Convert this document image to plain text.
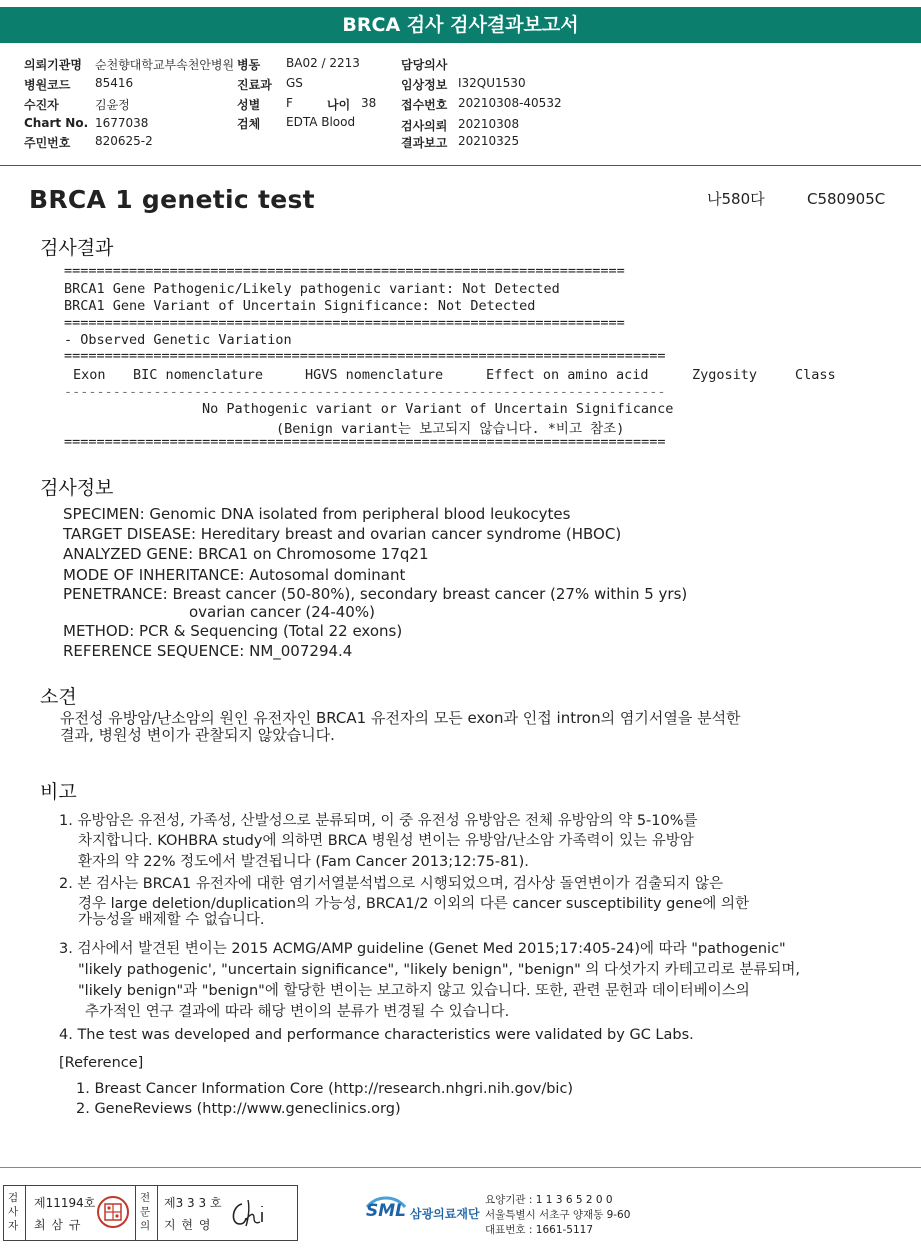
BRCA 검사 검사결과보고서
의뢰기관명 순천향대학교부속천안병원
병원코드 85416
수진자	김윤정
Chart No. 1677038
주민번호 820625-2
병동 BA02 / 2213
진료과 GS
성별 F	나이 38
검체 EDTA Blood
담당의사
임상정보 I32QU1530
접수번호 20210308-40532
검사의뢰 20210308
결과보고 20210325
BRCA 1 genetic test	나580다	C580905C
검사결과
=====================================================================
BRCA1 Gene Pathogenic/Likely pathogenic variant: Not Detected
BRCA1 Gene Variant of Uncertain Significance: Not Detected
=====================================================================
- Observed Genetic Variation
==========================================================================
Exon BIC nomenclature	HGVS nomenclature	Effect on amino acid	Zygosity	Class
--------------------------------------------------------------------------
No Pathogenic variant or Variant of Uncertain Significance
(Benign variant는 보고되지 않습니다. *비고 참조)
==========================================================================
검사정보
SPECIMEN: Genomic DNA isolated from peripheral blood leukocytes
TARGET DISEASE: Hereditary breast and ovarian cancer syndrome (HBOC)
ANALYZED GENE: BRCA1 on Chromosome 17q21
MODE OF INHERITANCE: Autosomal dominant
PENETRANCE: Breast cancer (50-80%), secondary breast cancer (27% within 5 yrs)
ovarian cancer (24-40%)
METHOD: PCR & Sequencing (Total 22 exons)
REFERENCE SEQUENCE: NM_007294.4
소견
유전성 유방암/난소암의 원인 유전자인 BRCA1 유전자의 모든 exon과 인접 intron의 염기서열을 분석한
결과, 병원성 변이가 관찰되지 않았습니다.
비고
1. 유방암은 유전성, 가족성, 산발성으로 분류되며, 이 중 유전성 유방암은 전체 유방암의 약 5-10%를
차지합니다. KOHBRA study에 의하면 BRCA 병원성 변이는 유방암/난소암 가족력이 있는 유방암
환자의 약 22% 정도에서 발견됩니다 (Fam Cancer 2013;12:75-81).
2. 본 검사는 BRCA1 유전자에 대한 염기서열분석법으로 시행되었으며, 검사상 돌연변이가 검출되지 않은
경우 large deletion/duplication의 가능성, BRCA1/2 이외의 다른 cancer susceptibility gene에 의한
가능성을 배제할 수 없습니다.
3. 검사에서 발견된 변이는 2015 ACMG/AMP guideline (Genet Med 2015;17:405-24)에 따라 "pathogenic"
"likely pathogenic', "uncertain significance", "likely benign", "benign" 의 다섯가지 카테고리로 분류되며,
"likely benign"과 "benign"에 할당한 변이는 보고하지 않고 있습니다. 또한, 관련 문헌과 데이터베이스의
추가적인 연구 결과에 따라 해당 변이의 분류가 변경될 수 있습니다.
4. The test was developed and performance characteristics were validated by GC Labs.
[Reference]
1. Breast Cancer Information Core (http://research.nhgri.nih.gov/bic)
2. GeneReviews (http://www.geneclinics.org)
검
사
자
제11194호
최 삼 규
전
문
의
제3 3 3 호
지 현 영
SML 삼광의료재단
요양기관 : 1 1 3 6 5 2 0 0
서울특별시 서초구 양재동 9-60
대표번호 : 1661-5117
